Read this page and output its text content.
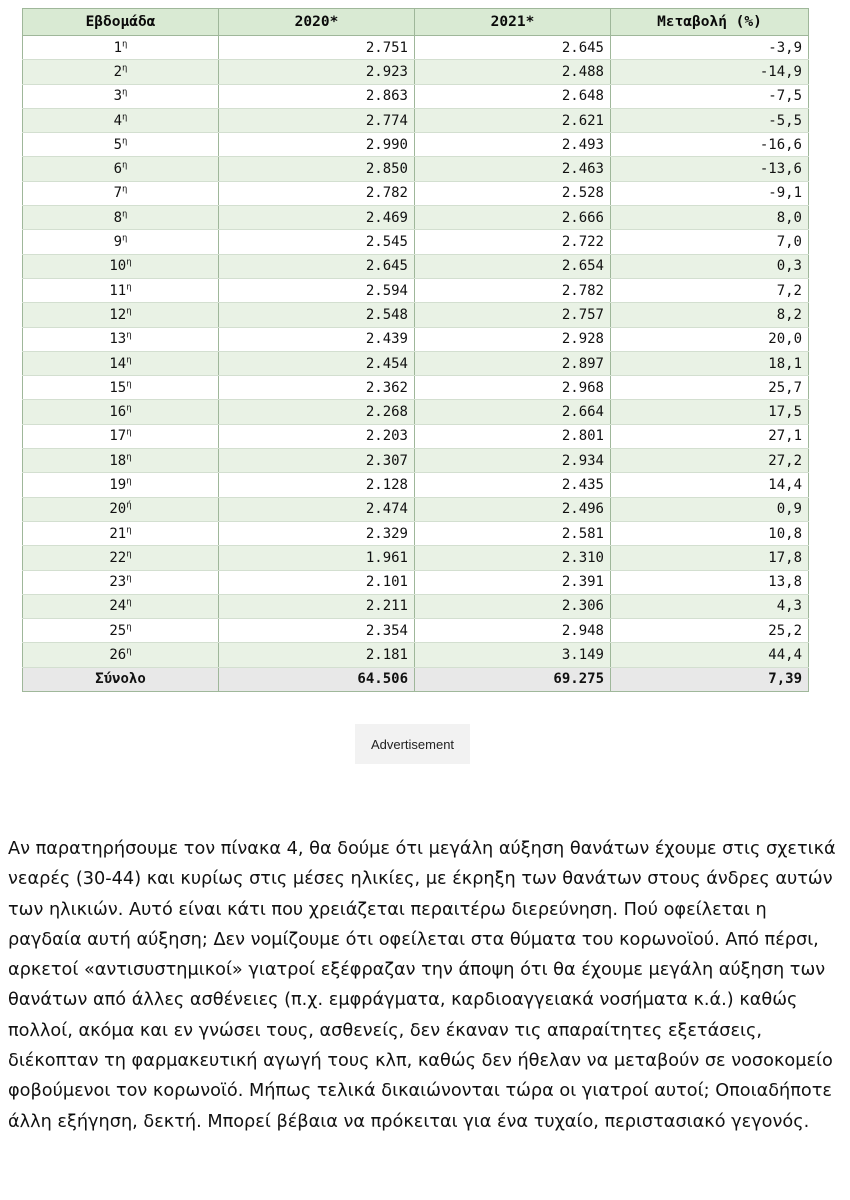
Εβδομάδα	2020*	2021*	Μεταβολή (%)
$1^\eta$	2.751	2.645	-3,9
$2^\eta$	2.923	2.488	-14,9
$3^\eta$	2.863	2.648	-7,5
$4^\eta$	2.774	2.621	-5,5
$5^\eta$	2.990	2.493	-16,6
$6^\eta$	2.850	2.463	-13,6
$7^\eta$	2.782	2.528	-9,1
$8^\eta$	2.469	2.666	8,0
$9^\eta$	2.545	2.722	7,0
$10^\eta$	2.645	2.654	0,3
$11^\eta$	2.594	2.782	7,2
$12^\eta$	2.548	2.757	8,2
$13^\eta$	2.439	2.928	20,0
$14^\eta$	2.454	2.897	18,1
$15^\eta$	2.362	2.968	25,7
$16^\eta$	2.268	2.664	17,5
$17^\eta$	2.203	2.801	27,1
$18^\eta$	2.307	2.934	27,2
$19^\eta$	2.128	2.435	14,4
$20^ή$	2.474	2.496	0,9
$21^\eta$	2.329	2.581	10,8
$22^\eta$	1.961	2.310	17,8
$23^\eta$	2.101	2.391	13,8
$24^\eta$	2.211	2.306	4,3
$25^\eta$	2.354	2.948	25,2
$26^\eta$	2.181	3.149	44,4
Σύνολο	64.506	69.275	7,39
Advertisement

Αν παρατηρήσουμε τον πίνακα 4, θα δούμε ότι μεγάλη αύξηση θανάτων έχουμε στις σχετικά νεαρές (30-44) και κυρίως στις μέσες ηλικίες, με έκρηξη των θανάτων στους άνδρες αυτών των ηλικιών. Αυτό είναι κάτι που χρειάζεται περαιτέρω διερεύνηση. Πού οφείλεται η ραγδαία αυτή αύξηση; Δεν νομίζουμε ότι οφείλεται στα θύματα του κορωνοϊού. Από πέρσι, αρκετοί «αντισυστημικοί» γιατροί εξέφραζαν την άποψη ότι θα έχουμε μεγάλη αύξηση των θανάτων από άλλες ασθένειες (π.χ. εμφράγματα, καρδιοαγγειακά νοσήματα κ.ά.) καθώς πολλοί, ακόμα και εν γνώσει τους, ασθενείς, δεν έκαναν τις απαραίτητες εξετάσεις, διέκοπταν τη φαρμακευτική αγωγή τους κλπ, καθώς δεν ήθελαν να μεταβούν σε νοσοκομείο φοβούμενοι τον κορωνοϊό. Μήπως τελικά δικαιώνονται τώρα οι γιατροί αυτοί; Οποιαδήποτε άλλη εξήγηση, δεκτή. Μπορεί βέβαια να πρόκειται για ένα τυχαίο, περιστασιακό γεγονός.
